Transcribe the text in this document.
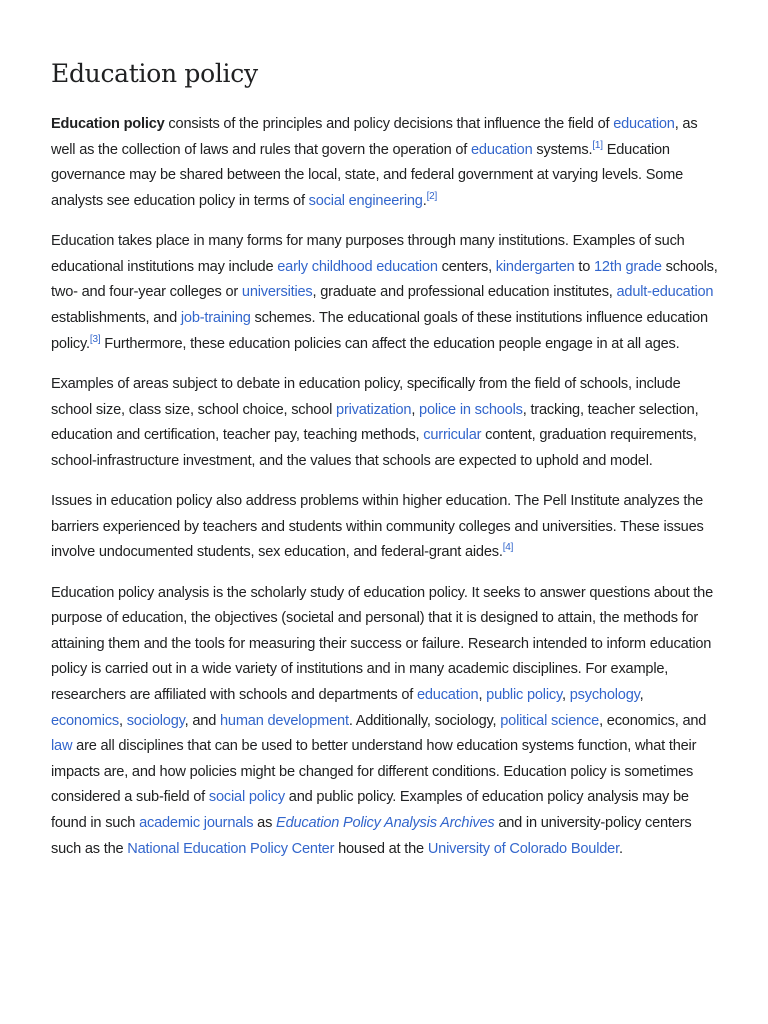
Education policy

Education policy consists of the principles and policy decisions that influence the field of education, as well as the collection of laws and rules that govern the operation of education systems.[1] Education governance may be shared between the local, state, and federal government at varying levels. Some analysts see education policy in terms of social engineering.[2]

Education takes place in many forms for many purposes through many institutions. Examples of such educational institutions may include early childhood education centers, kindergarten to 12th grade schools, two- and four-year colleges or universities, graduate and professional education institutes, adult-education establishments, and job-training schemes. The educational goals of these institutions influence education policy.[3] Furthermore, these education policies can affect the education people engage in at all ages.

Examples of areas subject to debate in education policy, specifically from the field of schools, include school size, class size, school choice, school privatization, police in schools, tracking, teacher selection, education and certification, teacher pay, teaching methods, curricular content, graduation requirements, school-infrastructure investment, and the values that schools are expected to uphold and model.

Issues in education policy also address problems within higher education. The Pell Institute analyzes the barriers experienced by teachers and students within community colleges and universities. These issues involve undocumented students, sex education, and federal-grant aides.[4]

Education policy analysis is the scholarly study of education policy. It seeks to answer questions about the purpose of education, the objectives (societal and personal) that it is designed to attain, the methods for attaining them and the tools for measuring their success or failure. Research intended to inform education policy is carried out in a wide variety of institutions and in many academic disciplines. For example, researchers are affiliated with schools and departments of education, public policy, psychology, economics, sociology, and human development. Additionally, sociology, political science, economics, and law are all disciplines that can be used to better understand how education systems function, what their impacts are, and how policies might be changed for different conditions. Education policy is sometimes considered a sub-field of social policy and public policy. Examples of education policy analysis may be found in such academic journals as Education Policy Analysis Archives and in university-policy centers such as the National Education Policy Center housed at the University of Colorado Boulder.
